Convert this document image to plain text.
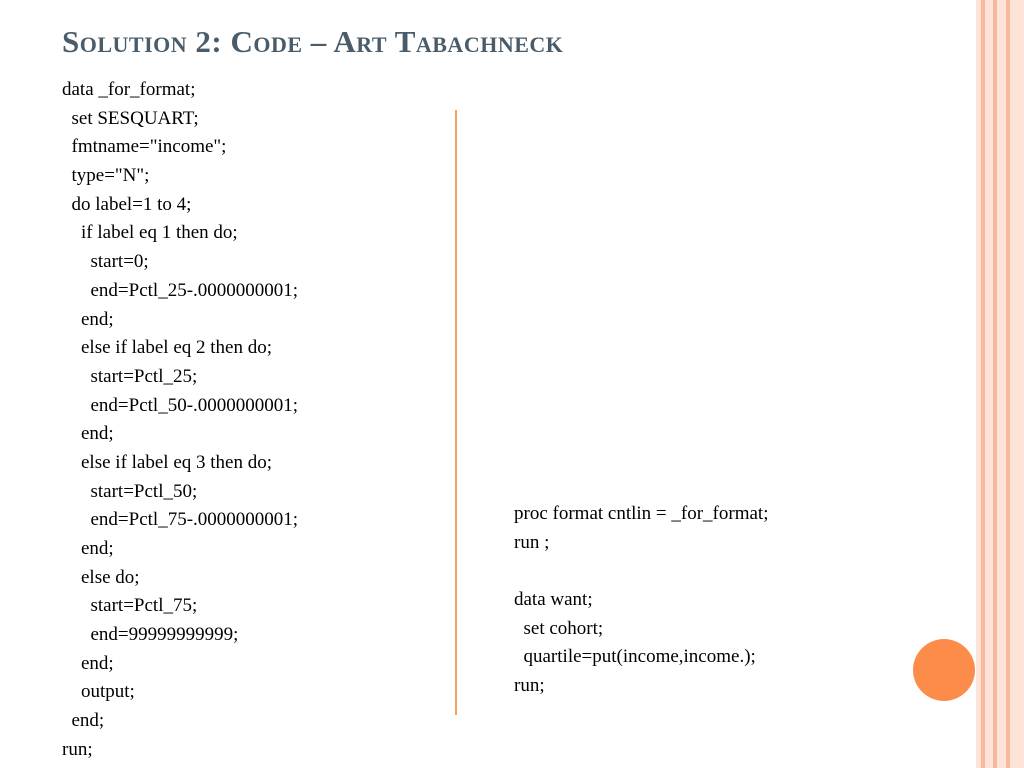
Solution 2: Code – Art Tabachneck
data _for_format;
set SESQUART;
fmtname="income";
type="N";
do label=1 to 4;
if label eq 1 then do;
start=0;
end=Pctl_25-.0000000001;
end;
else if label eq 2 then do;
start=Pctl_25;
end=Pctl_50-.0000000001;
end;
else if label eq 3 then do;
start=Pctl_50;
end=Pctl_75-.0000000001;
end;
else do;
start=Pctl_75;
end=99999999999;
end;
output;
end;
run;
proc format cntlin = _for_format;
run ;
data want;
set cohort;
quartile=put(income,income.);
run;
